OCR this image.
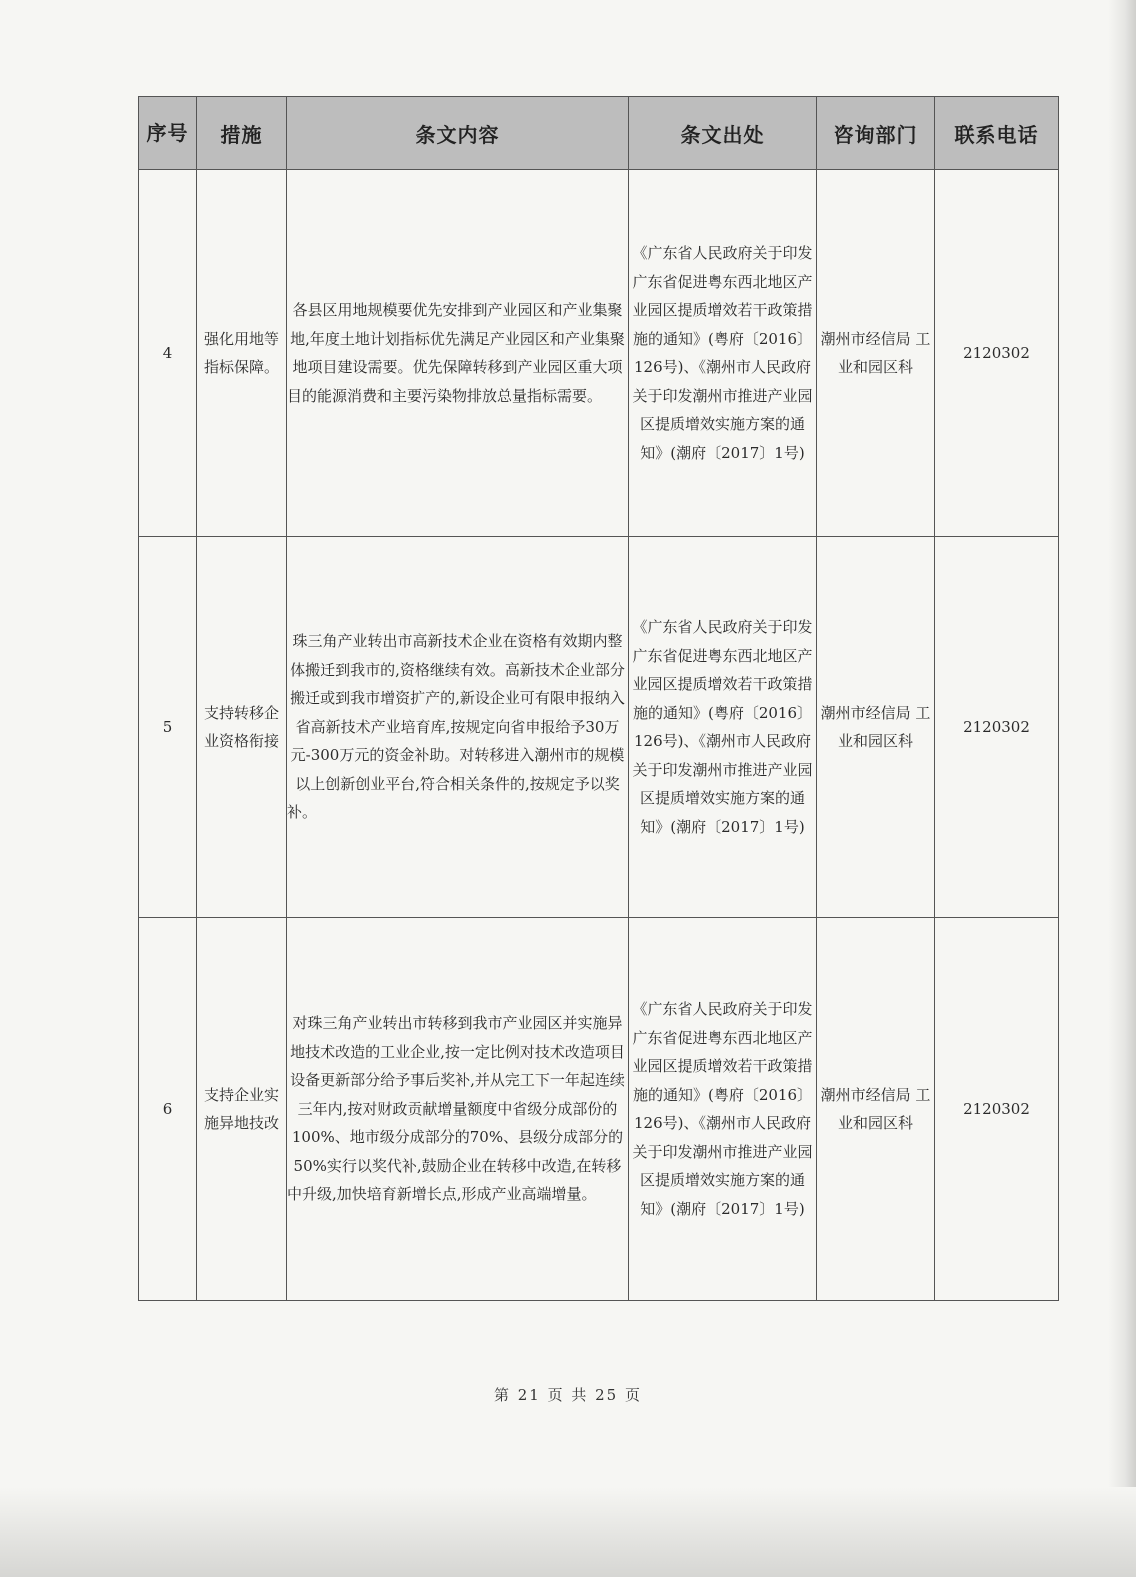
序号	措施	条文内容	条文出处	咨询部门	联系电话
4	强化用地等指标保障。	各县区用地规模要优先安排到产业园区和产业集聚地,年度土地计划指标优先满足产业园区和产业集聚地项目建设需要。优先保障转移到产业园区重大项目的能源消费和主要污染物排放总量指标需要。	《广东省人民政府关于印发广东省促进粤东西北地区产业园区提质增效若干政策措施的通知》(粤府〔2016〕126号)、《潮州市人民政府关于印发潮州市推进产业园区提质增效实施方案的通知》(潮府〔2017〕1号)	潮州市经信局 工业和园区科	2120302
5	支持转移企业资格衔接	珠三角产业转出市高新技术企业在资格有效期内整体搬迁到我市的,资格继续有效。高新技术企业部分搬迁或到我市增资扩产的,新设企业可有限申报纳入省高新技术产业培育库,按规定向省申报给予30万元-300万元的资金补助。对转移进入潮州市的规模以上创新创业平台,符合相关条件的,按规定予以奖补。	《广东省人民政府关于印发广东省促进粤东西北地区产业园区提质增效若干政策措施的通知》(粤府〔2016〕126号)、《潮州市人民政府关于印发潮州市推进产业园区提质增效实施方案的通知》(潮府〔2017〕1号)	潮州市经信局 工业和园区科	2120302
6	支持企业实施异地技改	对珠三角产业转出市转移到我市产业园区并实施异地技术改造的工业企业,按一定比例对技术改造项目设备更新部分给予事后奖补,并从完工下一年起连续三年内,按对财政贡献增量额度中省级分成部份的100%、地市级分成部分的70%、县级分成部分的50%实行以奖代补,鼓励企业在转移中改造,在转移中升级,加快培育新增长点,形成产业高端增量。	《广东省人民政府关于印发广东省促进粤东西北地区产业园区提质增效若干政策措施的通知》(粤府〔2016〕126号)、《潮州市人民政府关于印发潮州市推进产业园区提质增效实施方案的通知》(潮府〔2017〕1号)	潮州市经信局 工业和园区科	2120302
第 21 页 共 25 页
